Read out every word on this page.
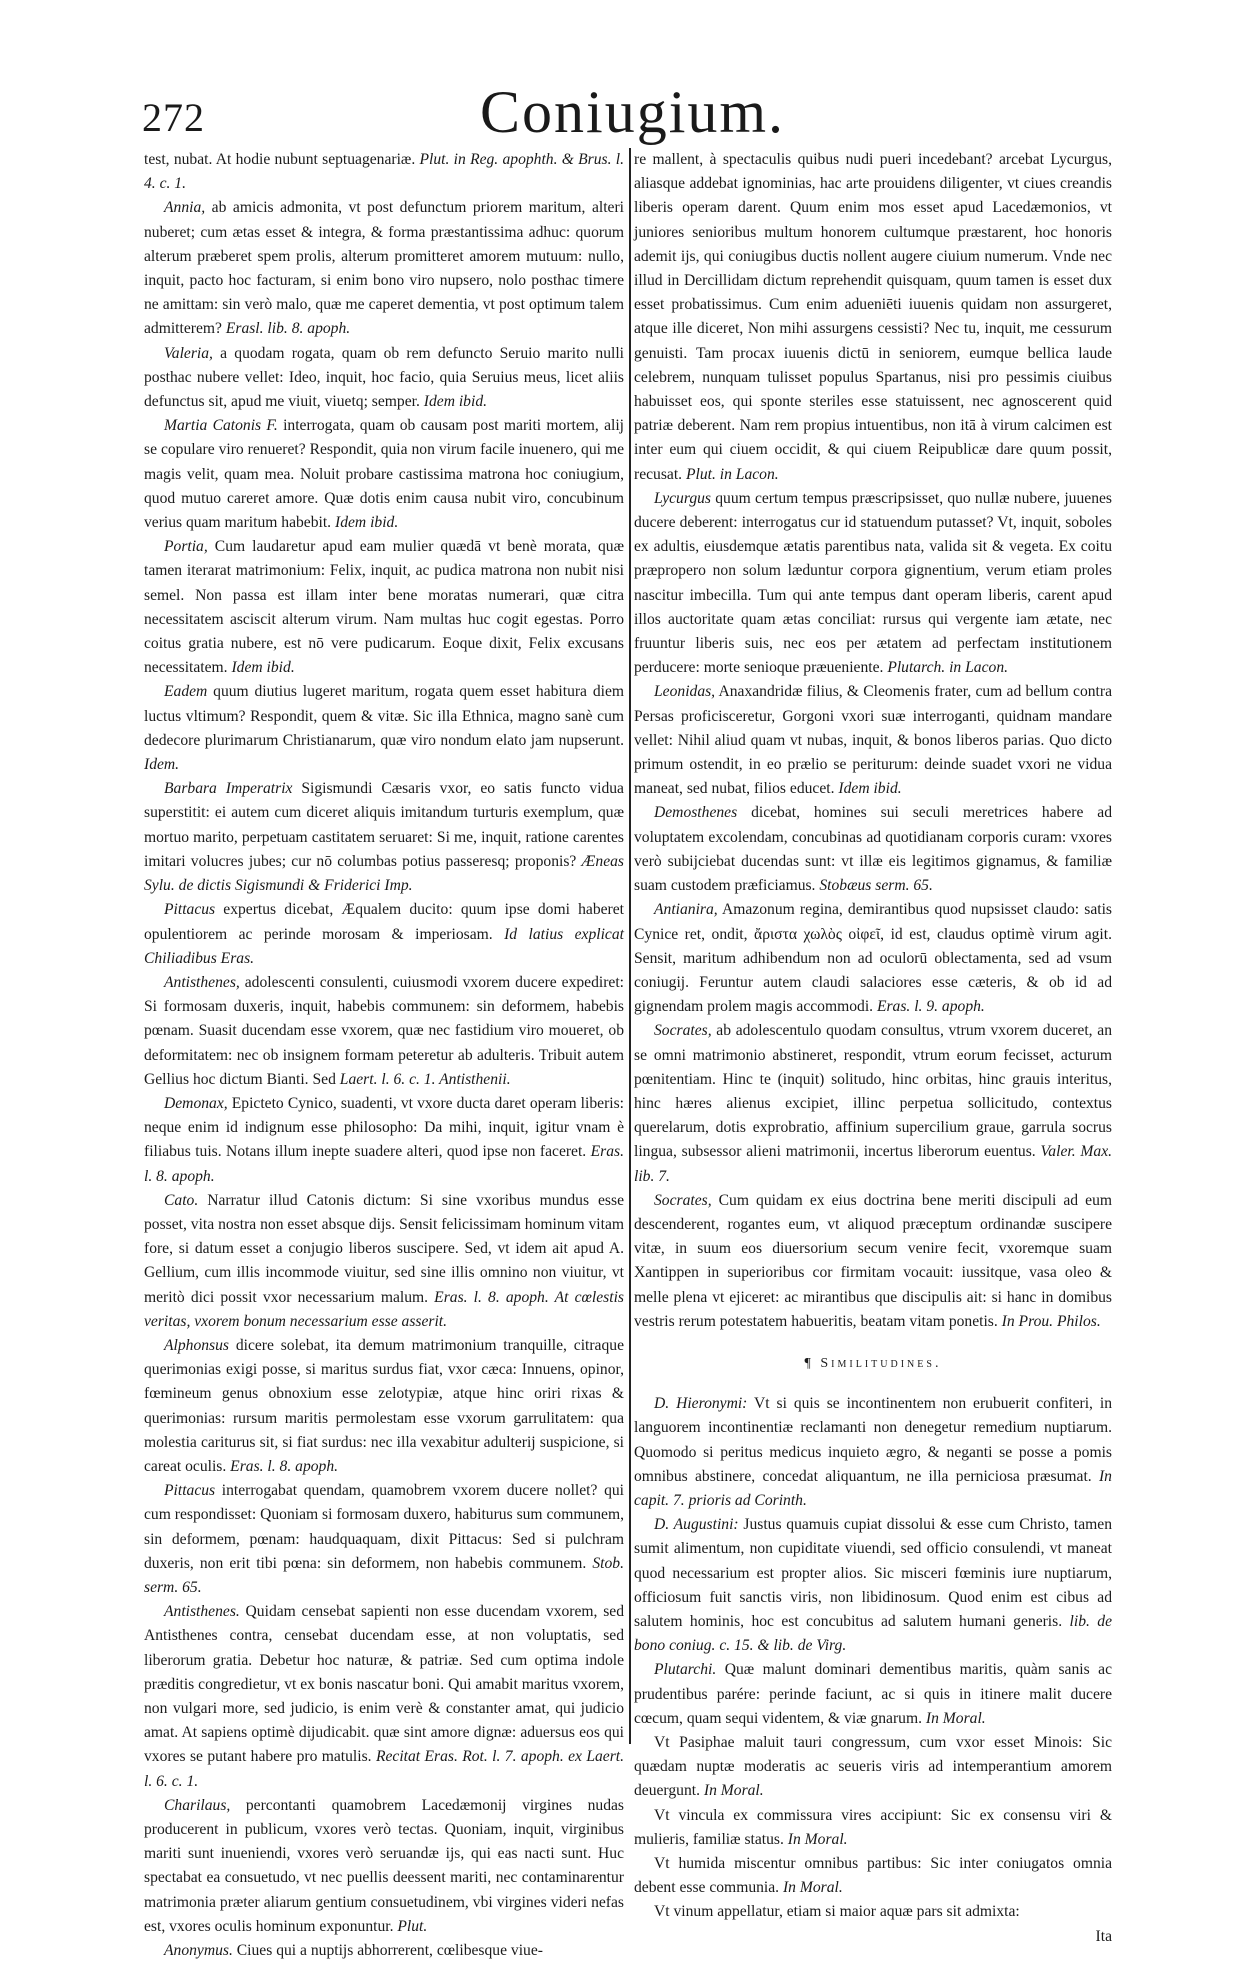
272	Coniugium.

test, nubat. At hodie nubunt septuagenariæ. Plut. in Reg. apophth. & Brus. l. 4. c. 1.

Annia, ab amicis admonita, vt post defunctum priorem maritum, alteri nuberet; cum ætas esset & integra, & forma præstantissima adhuc: quorum alterum præberet spem prolis, alterum promitteret amorem mutuum: nullo, inquit, pacto hoc facturam, si enim bono viro nupsero, nolo posthac timere ne amittam: sin verò malo, quæ me caperet dementia, vt post optimum talem admitterem? Erasl. lib. 8. apoph.

Valeria, a quodam rogata, quam ob rem defuncto Seruio marito nulli posthac nubere vellet: Ideo, inquit, hoc facio, quia Seruius meus, licet aliis defunctus sit, apud me viuit, viuetq; semper. Idem ibid.

Martia Catonis F. interrogata, quam ob causam post mariti mortem, alij se copulare viro renueret? Respondit, quia non virum facile inuenero, qui me magis velit, quam mea. Noluit probare castissima matrona hoc coniugium, quod mutuo careret amore. Quæ dotis enim causa nubit viro, concubinum verius quam maritum habebit. Idem ibid.

Portia, Cum laudaretur apud eam mulier quædā vt benè morata, quæ tamen iterarat matrimonium: Felix, inquit, ac pudica matrona non nubit nisi semel. Non passa est illam inter bene moratas numerari, quæ citra necessitatem asciscit alterum virum. Nam multas huc cogit egestas. Porro coitus gratia nubere, est nō vere pudicarum. Eoque dixit, Felix excusans necessitatem. Idem ibid.

Eadem quum diutius lugeret maritum, rogata quem esset habitura diem luctus vltimum? Respondit, quem & vitæ. Sic illa Ethnica, magno sanè cum dedecore plurimarum Christianarum, quæ viro nondum elato jam nupserunt. Idem.

Barbara Imperatrix Sigismundi Cæsaris vxor, eo satis functo vidua superstitit: ei autem cum diceret aliquis imitandum turturis exemplum, quæ mortuo marito, perpetuam castitatem seruaret: Si me, inquit, ratione carentes imitari volucres jubes; cur nō columbas potius passeresq; proponis? Æneas Sylu. de dictis Sigismundi & Friderici Imp.

Pittacus expertus dicebat, Æqualem ducito: quum ipse domi haberet opulentiorem ac perinde morosam & imperiosam. Id latius explicat Chiliadibus Eras.

Antisthenes, adolescenti consulenti, cuiusmodi vxorem ducere expediret: Si formosam duxeris, inquit, habebis communem: sin deformem, habebis pœnam. Suasit ducendam esse vxorem, quæ nec fastidium viro moueret, ob deformitatem: nec ob insignem formam peteretur ab adulteris. Tribuit autem Gellius hoc dictum Bianti. Sed Laert. l. 6. c. 1. Antisthenii.

Demonax, Epicteto Cynico, suadenti, vt vxore ducta daret operam liberis: neque enim id indignum esse philosopho: Da mihi, inquit, igitur vnam è filiabus tuis. Notans illum inepte suadere alteri, quod ipse non faceret. Eras. l. 8. apoph.

Cato. Narratur illud Catonis dictum: Si sine vxoribus mundus esse posset, vita nostra non esset absque dijs. Sensit felicissimam hominum vitam fore, si datum esset a conjugio liberos suscipere. Sed, vt idem ait apud A. Gellium, cum illis incommode viuitur, sed sine illis omnino non viuitur, vt meritò dici possit vxor necessarium malum. Eras. l. 8. apoph. At cœlestis veritas, vxorem bonum necessarium esse asserit.

Alphonsus dicere solebat, ita demum matrimonium tranquille, citraque querimonias exigi posse, si maritus surdus fiat, vxor cæca: Innuens, opinor, fœmineum genus obnoxium esse zelotypiæ, atque hinc oriri rixas & querimonias: rursum maritis permolestam esse vxorum garrulitatem: qua molestia cariturus sit, si fiat surdus: nec illa vexabitur adulterij suspicione, si careat oculis. Eras. l. 8. apoph.

Pittacus interrogabat quendam, quamobrem vxorem ducere nollet? qui cum respondisset: Quoniam si formosam duxero, habiturus sum communem, sin deformem, pœnam: haudquaquam, dixit Pittacus: Sed si pulchram duxeris, non erit tibi pœna: sin deformem, non habebis communem. Stob. serm. 65.

Antisthenes. Quidam censebat sapienti non esse ducendam vxorem, sed Antisthenes contra, censebat ducendam esse, at non voluptatis, sed liberorum gratia. Debetur hoc naturæ, & patriæ. Sed cum optima indole præditis congredietur, vt ex bonis nascatur boni. Qui amabit maritus vxorem, non vulgari more, sed judicio, is enim verè & constanter amat, qui judicio amat. At sapiens optimè dijudicabit. quæ sint amore dignæ: aduersus eos qui vxores se putant habere pro matulis. Recitat Eras. Rot. l. 7. apoph. ex Laert. l. 6. c. 1.

Charilaus, percontanti quamobrem Lacedæmonij virgines nudas producerent in publicum, vxores verò tectas. Quoniam, inquit, virginibus mariti sunt inueniendi, vxores verò seruandæ ijs, qui eas nacti sunt. Huc spectabat ea consuetudo, vt nec puellis deessent mariti, nec contaminarentur matrimonia præter aliarum gentium consuetudinem, vbi virgines videri nefas est, vxores oculis hominum exponuntur. Plut.

Anonymus. Ciues qui a nuptijs abhorrerent, cœlibesque viue-

re mallent, à spectaculis quibus nudi pueri incedebant? arcebat Lycurgus, aliasque addebat ignominias, hac arte prouidens diligenter, vt ciues creandis liberis operam darent. Quum enim mos esset apud Lacedæmonios, vt juniores senioribus multum honorem cultumque præstarent, hoc honoris ademit ijs, qui coniugibus ductis nollent augere ciuium numerum. Vnde nec illud in Dercillidam dictum reprehendit quisquam, quum tamen is esset dux esset probatissimus. Cum enim adueniēti iuuenis quidam non assurgeret, atque ille diceret, Non mihi assurgens cessisti? Nec tu, inquit, me cessurum genuisti. Tam procax iuuenis dictū in seniorem, eumque bellica laude celebrem, nunquam tulisset populus Spartanus, nisi pro pessimis ciuibus habuisset eos, qui sponte steriles esse statuissent, nec agnoscerent quid patriæ deberent. Nam rem propius intuentibus, non itā à virum calcimen est inter eum qui ciuem occidit, & qui ciuem Reipublicæ dare quum possit, recusat. Plut. in Lacon.

Lycurgus quum certum tempus præscripsisset, quo nullæ nubere, juuenes ducere deberent: interrogatus cur id statuendum putasset? Vt, inquit, soboles ex adultis, eiusdemque ætatis parentibus nata, valida sit & vegeta. Ex coitu præpropero non solum læduntur corpora gignentium, verum etiam proles nascitur imbecilla. Tum qui ante tempus dant operam liberis, carent apud illos auctoritate quam ætas conciliat: rursus qui vergente iam ætate, nec fruuntur liberis suis, nec eos per ætatem ad perfectam institutionem perducere: morte senioque præueniente. Plutarch. in Lacon.

Leonidas, Anaxandridæ filius, & Cleomenis frater, cum ad bellum contra Persas proficisceretur, Gorgoni vxori suæ interroganti, quidnam mandare vellet: Nihil aliud quam vt nubas, inquit, & bonos liberos parias. Quo dicto primum ostendit, in eo prælio se periturum: deinde suadet vxori ne vidua maneat, sed nubat, filios educet. Idem ibid.

Demosthenes dicebat, homines sui seculi meretrices habere ad voluptatem excolendam, concubinas ad quotidianam corporis curam: vxores verò subijciebat ducendas sunt: vt illæ eis legitimos gignamus, & familiæ suam custodem præficiamus. Stobæus serm. 65.

Antianira, Amazonum regina, demirantibus quod nupsisset claudo: satis Cynice ret, ondit, ἄριστα χωλὸς οἰφεῖ, id est, claudus optimè virum agit. Sensit, maritum adhibendum non ad oculorū oblectamenta, sed ad vsum coniugij. Feruntur autem claudi salaciores esse cæteris, & ob id ad gignendam prolem magis accommodi. Eras. l. 9. apoph.

Socrates, ab adolescentulo quodam consultus, vtrum vxorem duceret, an se omni matrimonio abstineret, respondit, vtrum eorum fecisset, acturum pœnitentiam. Hinc te (inquit) solitudo, hinc orbitas, hinc grauis interitus, hinc hæres alienus excipiet, illinc perpetua sollicitudo, contextus querelarum, dotis exprobratio, affinium supercilium graue, garrula socrus lingua, subsessor alieni matrimonii, incertus liberorum euentus. Valer. Max. lib. 7.

Socrates, Cum quidam ex eius doctrina bene meriti discipuli ad eum descenderent, rogantes eum, vt aliquod præceptum ordinandæ suscipere vitæ, in suum eos diuersorium secum venire fecit, vxoremque suam Xantippen in superioribus cor firmitam vocauit: iussitque, vasa oleo & melle plena vt ejiceret: ac mirantibus que discipulis ait: si hanc in domibus vestris rerum potestatem habueritis, beatam vitam ponetis. In Prou. Philos.

¶ Similitudines.

D. Hieronymi: Vt si quis se incontinentem non erubuerit confiteri, in languorem incontinentiæ reclamanti non denegetur remedium nuptiarum. Quomodo si peritus medicus inquieto ægro, & neganti se posse a pomis omnibus abstinere, concedat aliquantum, ne illa perniciosa præsumat. In capit. 7. prioris ad Corinth.

D. Augustini: Justus quamuis cupiat dissolui & esse cum Christo, tamen sumit alimentum, non cupiditate viuendi, sed officio consulendi, vt maneat quod necessarium est propter alios. Sic misceri fœminis iure nuptiarum, officiosum fuit sanctis viris, non libidinosum. Quod enim est cibus ad salutem hominis, hoc est concubitus ad salutem humani generis. lib. de bono coniug. c. 15. & lib. de Virg.

Plutarchi. Quæ malunt dominari dementibus maritis, quàm sanis ac prudentibus parére: perinde faciunt, ac si quis in itinere malit ducere cœcum, quam sequi videntem, & viæ gnarum. In Moral.

Vt Pasiphae maluit tauri congressum, cum vxor esset Minois: Sic quædam nuptæ moderatis ac seueris viris ad intemperantium amorem deuergunt. In Moral.

Vt vincula ex commissura vires accipiunt: Sic ex consensu viri & mulieris, familiæ status. In Moral.

Vt humida miscentur omnibus partibus: Sic inter coniugatos omnia debent esse communia. In Moral.

Vt vinum appellatur, etiam si maior aquæ pars sit admixta:

Ita
